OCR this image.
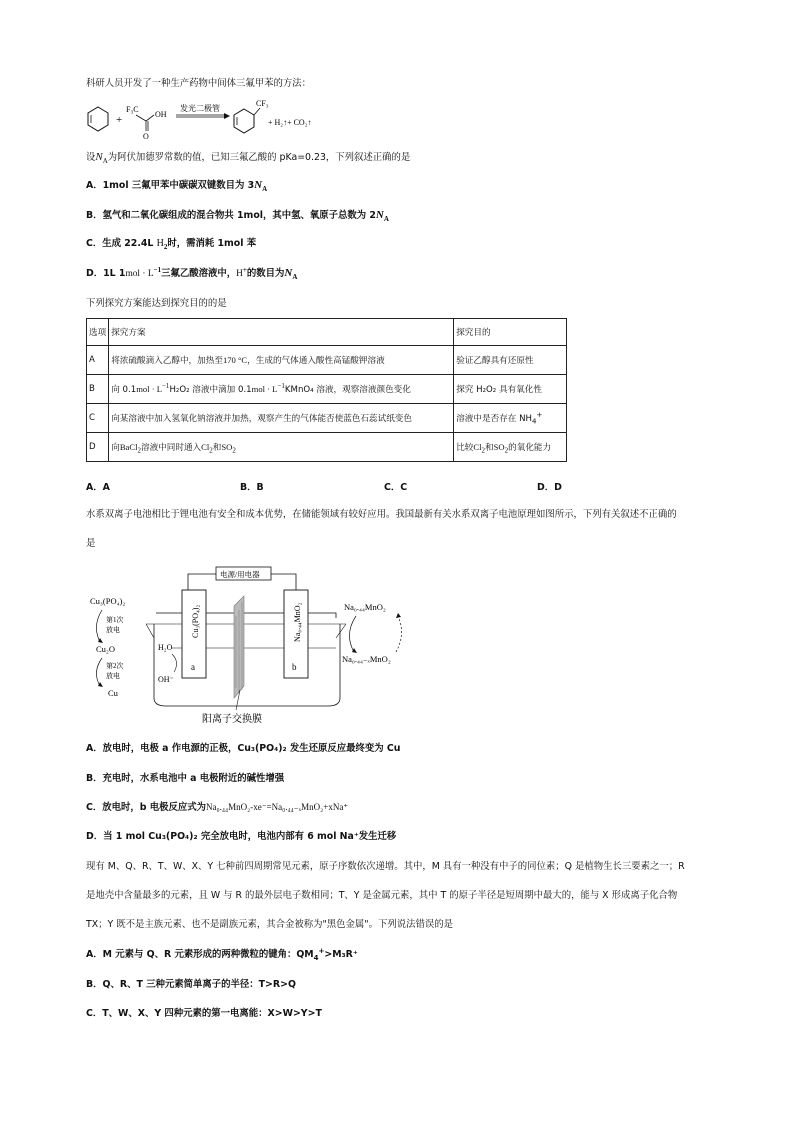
科研人员开发了一种生产药物中间体三氟甲苯的方法：
+
F₃C
OH
O
发光二极管
CF₃
+ H₂↑+ CO₂↑
设$N_A$为阿伏加德罗常数的值，已知三氟乙酸的 pKa=0.23，下列叙述正确的是
A．1mol 三氟甲苯中碳碳双键数目为 $3N_A$
B．氢气和二氧化碳组成的混合物共 1mol，其中氢、氧原子总数为 $2N_A$
C．生成 22.4L $H_2$时，需消耗 1mol 苯
D．1L $1mol \cdot L^{-1}$三氟乙酸溶液中，H+的数目为$N_A$
下列探究方案能达到探究目的的是
选项	探究方案	探究目的
A	将浓硫酸滴入乙醇中，加热至170 °C，生成的气体通入酸性高锰酸钾溶液	验证乙醇具有还原性
B	向 $0.1mol \cdot L^{-1}H_2O_2$ 溶液中滴加 $0.1mol \cdot L^{-1}KMnO_4$ 溶液，观察溶液颜色变化	探究 H₂O₂ 具有氧化性
C	向某溶液中加入氢氧化钠溶液并加热，观察产生的气体能否使蓝色石蕊试纸变色	溶液中是否存在 $NH_4^+$
D	向BaCl$_2$溶液中同时通入$Cl_2$和$SO_2$	比较$Cl_2$和$SO_2$的氧化能力
A．A	B．B	C．C	D．D
水系双离子电池相比于锂电池有安全和成本优势，在储能领域有较好应用。我国最新有关水系双离子电池原理如图所示，下列有关叙述不正确的
是
电源/用电器
Cu₃(PO₄)₂	Na₀.₄₄MnO₂
a	b
阳离子交换膜
H₂O
OH⁻
Cu₃(PO₄)₂
第1次
放电
Cu₂O
第2次
放电
Cu
Na₀.₄₄MnO₂
Na₀.₄₄₋ₓMnO₂
A．放电时，电极 a 作电源的正极，Cu₃(PO₄)₂ 发生还原反应最终变为 Cu
B．充电时，水系电池中 a 电极附近的碱性增强
C．放电时，b 电极反应式为Na₀.₄₄MnO₂-xe⁻=Na₀.₄₄₋ₓMnO₂+xNa⁺
D．当 1 mol Cu₃(PO₄)₂ 完全放电时，电池内部有 6 mol Na⁺发生迁移
现有 M、Q、R、T、W、X、Y 七种前四周期常见元素，原子序数依次递增。其中，M 具有一种没有中子的同位素；Q 是植物生长三要素之一；R
是地壳中含量最多的元素，且 W 与 R 的最外层电子数相同；T、Y 是金属元素，其中 T 的原子半径是短周期中最大的，能与 X 形成离子化合物
TX；Y 既不是主族元素、也不是副族元素，其合金被称为"黑色金属"。下列说法错误的是
A．M 元素与 Q、R 元素形成的两种微粒的键角：$QM_4^+>M_3R^+$
B．Q、R、T 三种元素简单离子的半径：T>R>Q
C．T、W、X、Y 四种元素的第一电离能：X>W>Y>T
